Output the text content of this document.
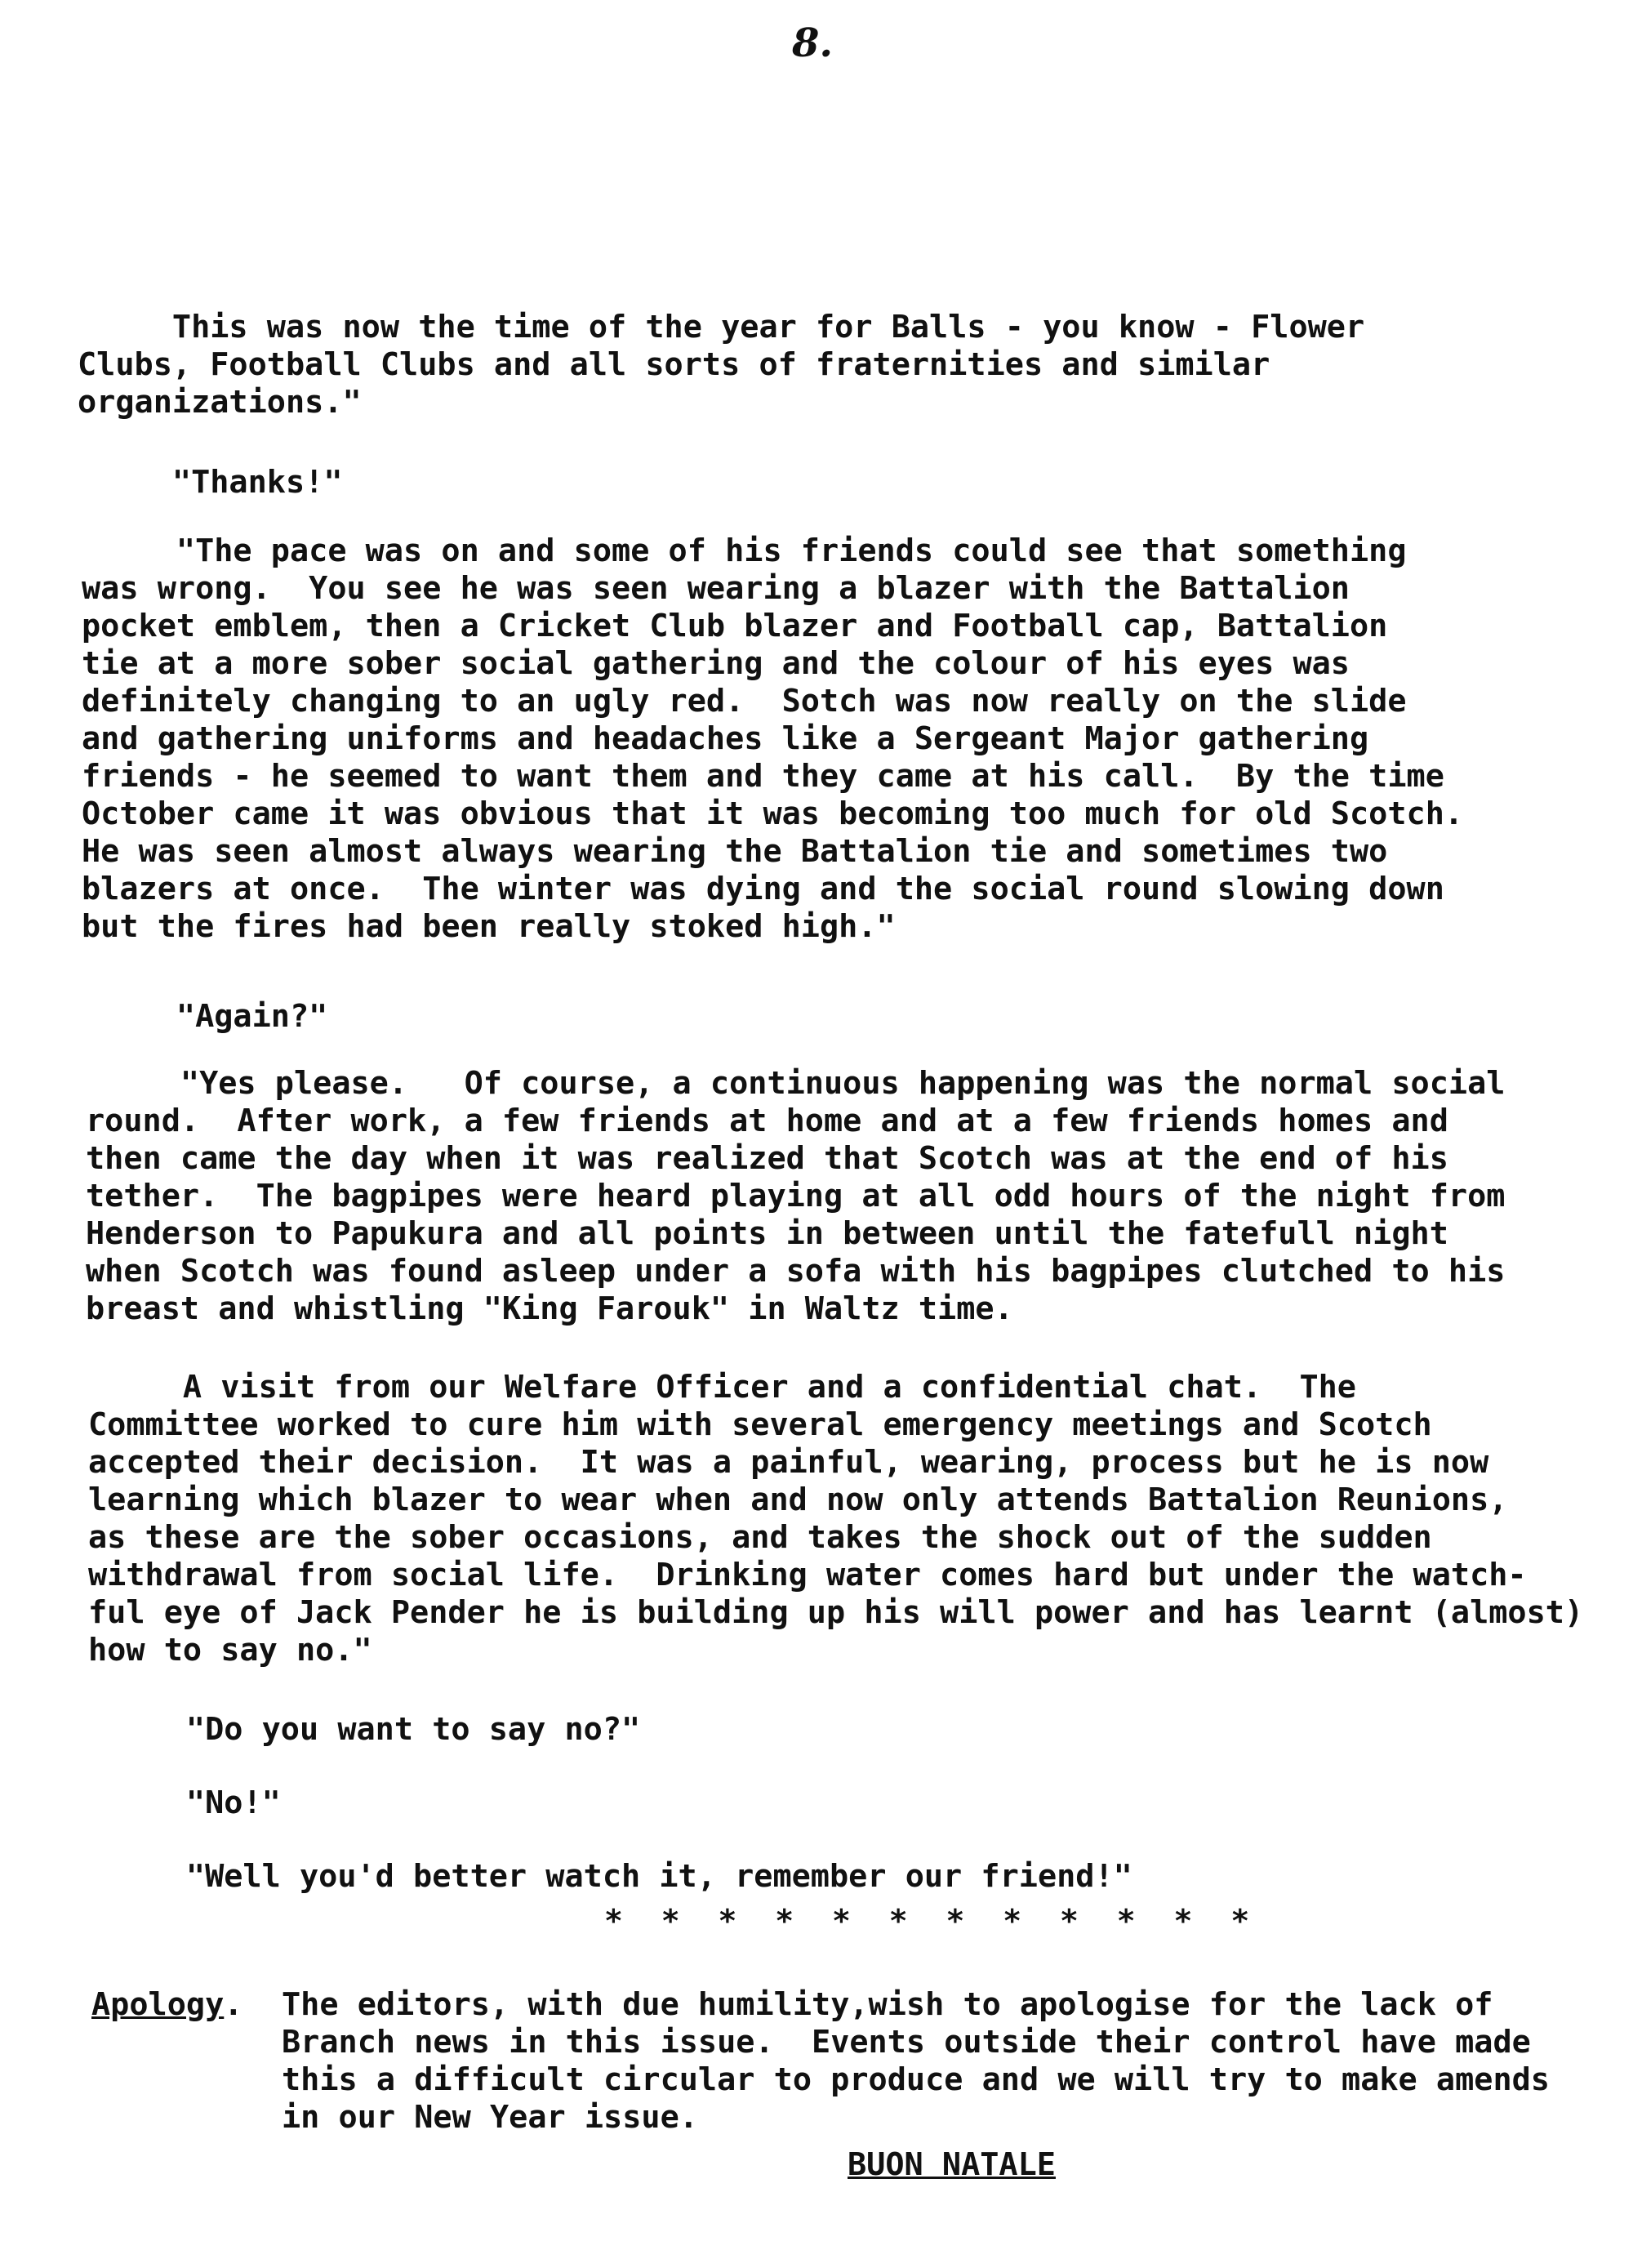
8.
This was now the time of the year for Balls - you know - Flower
Clubs, Football Clubs and all sorts of fraternities and similar
organizations."
"Thanks!"
"The pace was on and some of his friends could see that something
was wrong.  You see he was seen wearing a blazer with the Battalion
pocket emblem, then a Cricket Club blazer and Football cap, Battalion
tie at a more sober social gathering and the colour of his eyes was
definitely changing to an ugly red.  Sotch was now really on the slide
and gathering uniforms and headaches like a Sergeant Major gathering
friends - he seemed to want them and they came at his call.  By the time
October came it was obvious that it was becoming too much for old Scotch.
He was seen almost always wearing the Battalion tie and sometimes two
blazers at once.  The winter was dying and the social round slowing down
but the fires had been really stoked high."
"Again?"
"Yes please.   Of course, a continuous happening was the normal social
round.  After work, a few friends at home and at a few friends homes and
then came the day when it was realized that Scotch was at the end of his
tether.  The bagpipes were heard playing at all odd hours of the night from
Henderson to Papukura and all points in between until the fatefull night
when Scotch was found asleep under a sofa with his bagpipes clutched to his
breast and whistling "King Farouk" in Waltz time.
A visit from our Welfare Officer and a confidential chat.  The
Committee worked to cure him with several emergency meetings and Scotch
accepted their decision.  It was a painful, wearing, process but he is now
learning which blazer to wear when and now only attends Battalion Reunions,
as these are the sober occasions, and takes the shock out of the sudden
withdrawal from social life.  Drinking water comes hard but under the watch-
ful eye of Jack Pender he is building up his will power and has learnt (almost)
how to say no."
"Do you want to say no?"
"No!"
"Well you'd better watch it, remember our friend!"
* * * * * * * * * * * *
Apology. The editors, with due humility,wish to apologise for the lack of
Branch news in this issue.  Events outside their control have made
this a difficult circular to produce and we will try to make amends
in our New Year issue.
BUON NATALE
